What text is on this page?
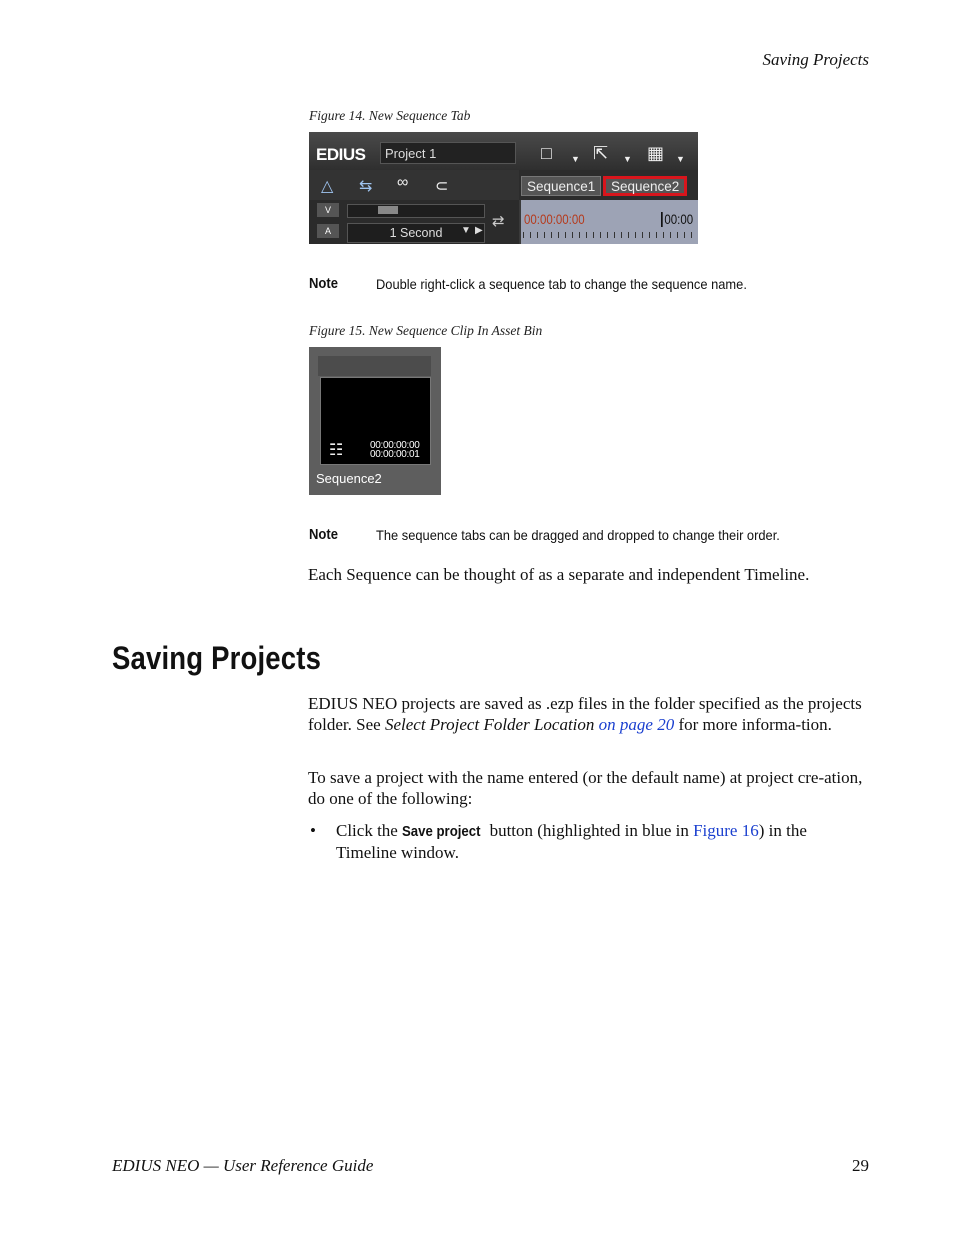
Saving Projects
Figure 14. New Sequence Tab
EDIUS	Project 1	□ ▼ ⇱ ▼ ▦ ▼
△ ⇆ ∞ ⊂	Sequence1	Sequence2
V
A	1 Second	▼ ▶
⇄ 00:00:00:00	00:00
Note	Double right-click a sequence tab to change the sequence name.
Figure 15. New Sequence Clip In Asset Bin
☷	00:00:00:00
00:00:00:01
Sequence2
Note	The sequence tabs can be dragged and dropped to change their order.
Each Sequence can be thought of as a separate and independent Timeline.
Saving Projects
EDIUS NEO projects are saved as .ezp files in the folder specified as the projects folder. See Select Project Folder Location on page 20 for more informa-tion.
To save a project with the name entered (or the default name) at project cre-ation, do one of the following:
• Click the Save project button (highlighted in blue in Figure 16) in the Timeline window.
EDIUS NEO — User Reference Guide	29
